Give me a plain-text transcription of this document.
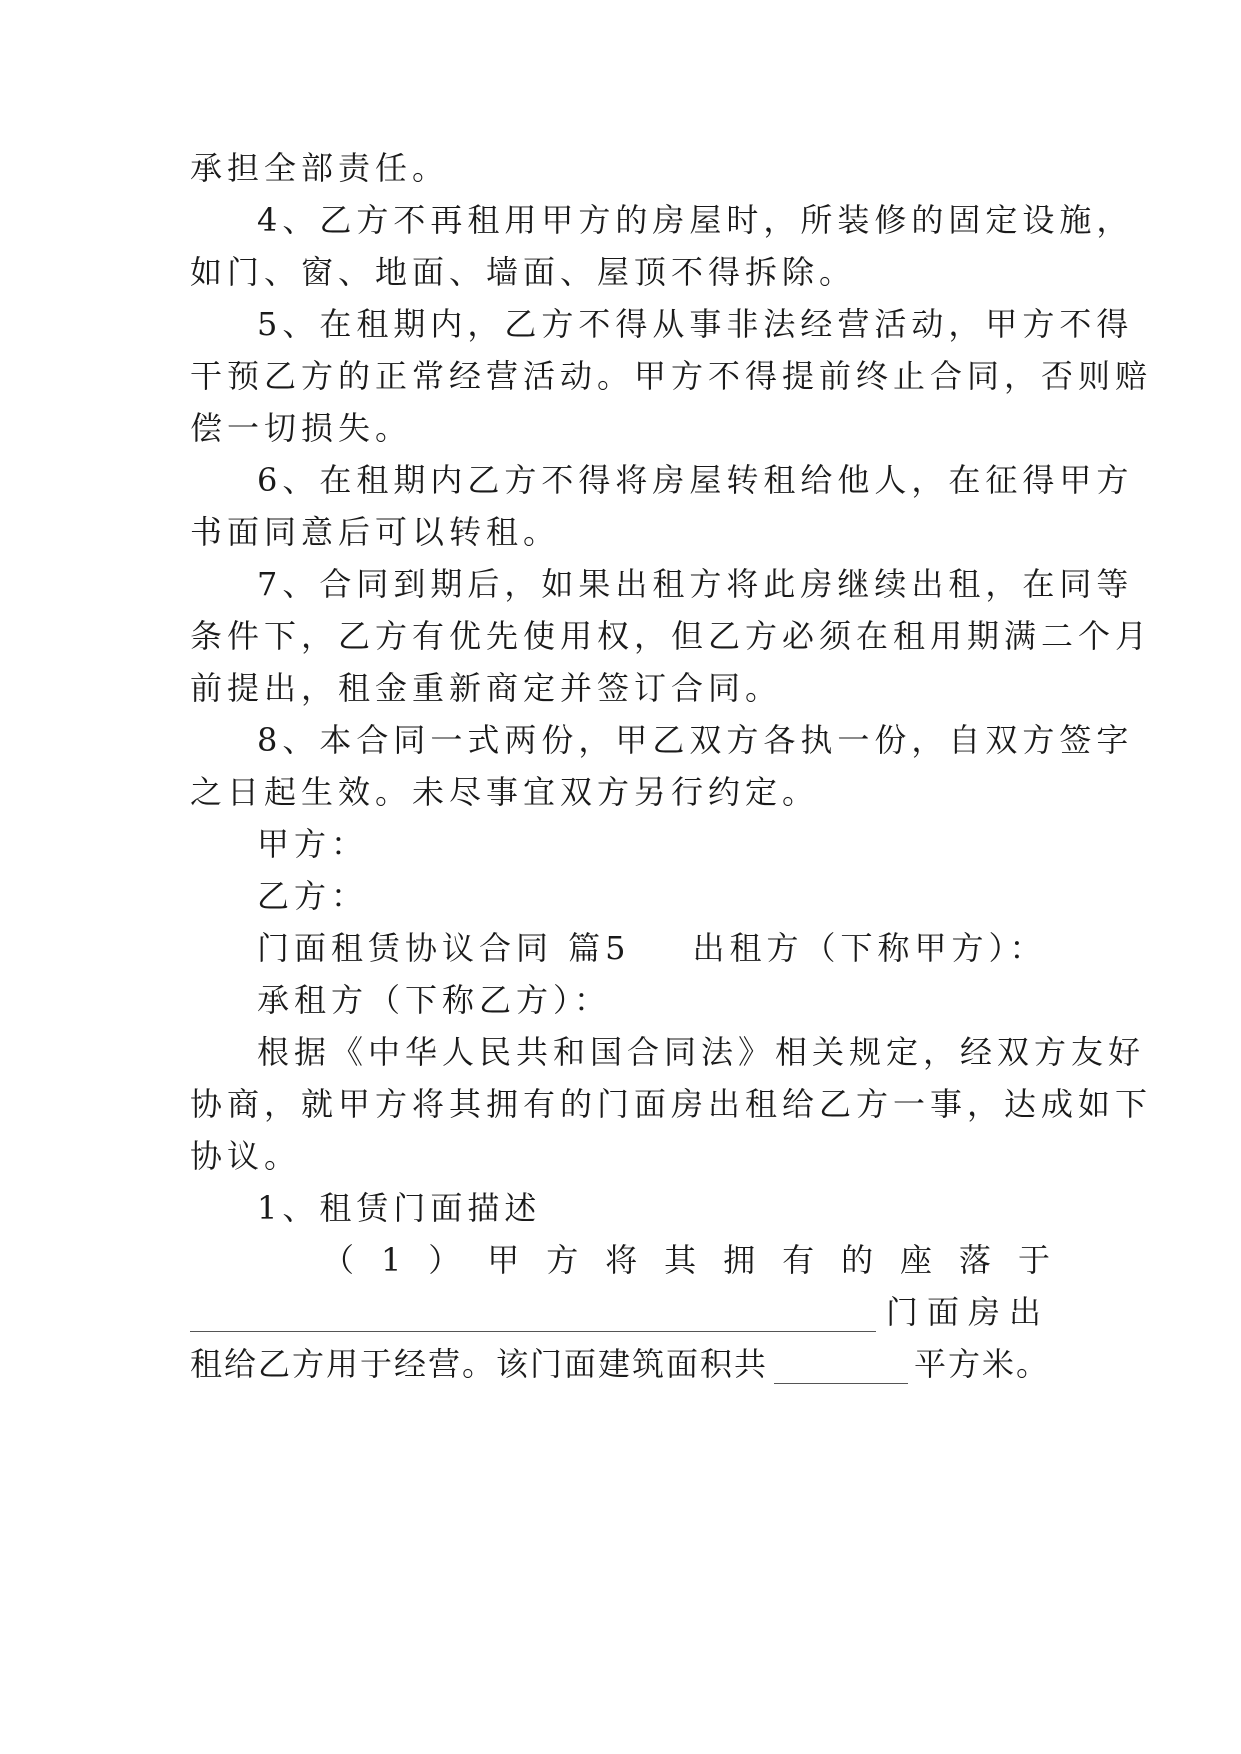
承担全部责任。
4、乙方不再租用甲方的房屋时，所装修的固定设施，
如门、窗、地面、墙面、屋顶不得拆除。
5、在租期内，乙方不得从事非法经营活动，甲方不得
干预乙方的正常经营活动。甲方不得提前终止合同，否则赔
偿一切损失。
6、在租期内乙方不得将房屋转租给他人，在征得甲方
书面同意后可以转租。
7、合同到期后，如果出租方将此房继续出租，在同等
条件下，乙方有优先使用权，但乙方必须在租用期满二个月
前提出，租金重新商定并签订合同。
8、本合同一式两份，甲乙双方各执一份，自双方签字
之日起生效。未尽事宜双方另行约定。
甲方：
乙方：
门面租赁协议合同 篇5 出租方（下称甲方）：
承租方（下称乙方）：
根据《中华人民共和国合同法》相关规定，经双方友好
协商，就甲方将其拥有的门面房出租给乙方一事，达成如下
协议。
1、租赁门面描述
（ 1 ） 甲 方 将 其 拥 有 的 座 落 于
门面房出
租给乙方用于经营。该门面建筑面积共	平方米。
